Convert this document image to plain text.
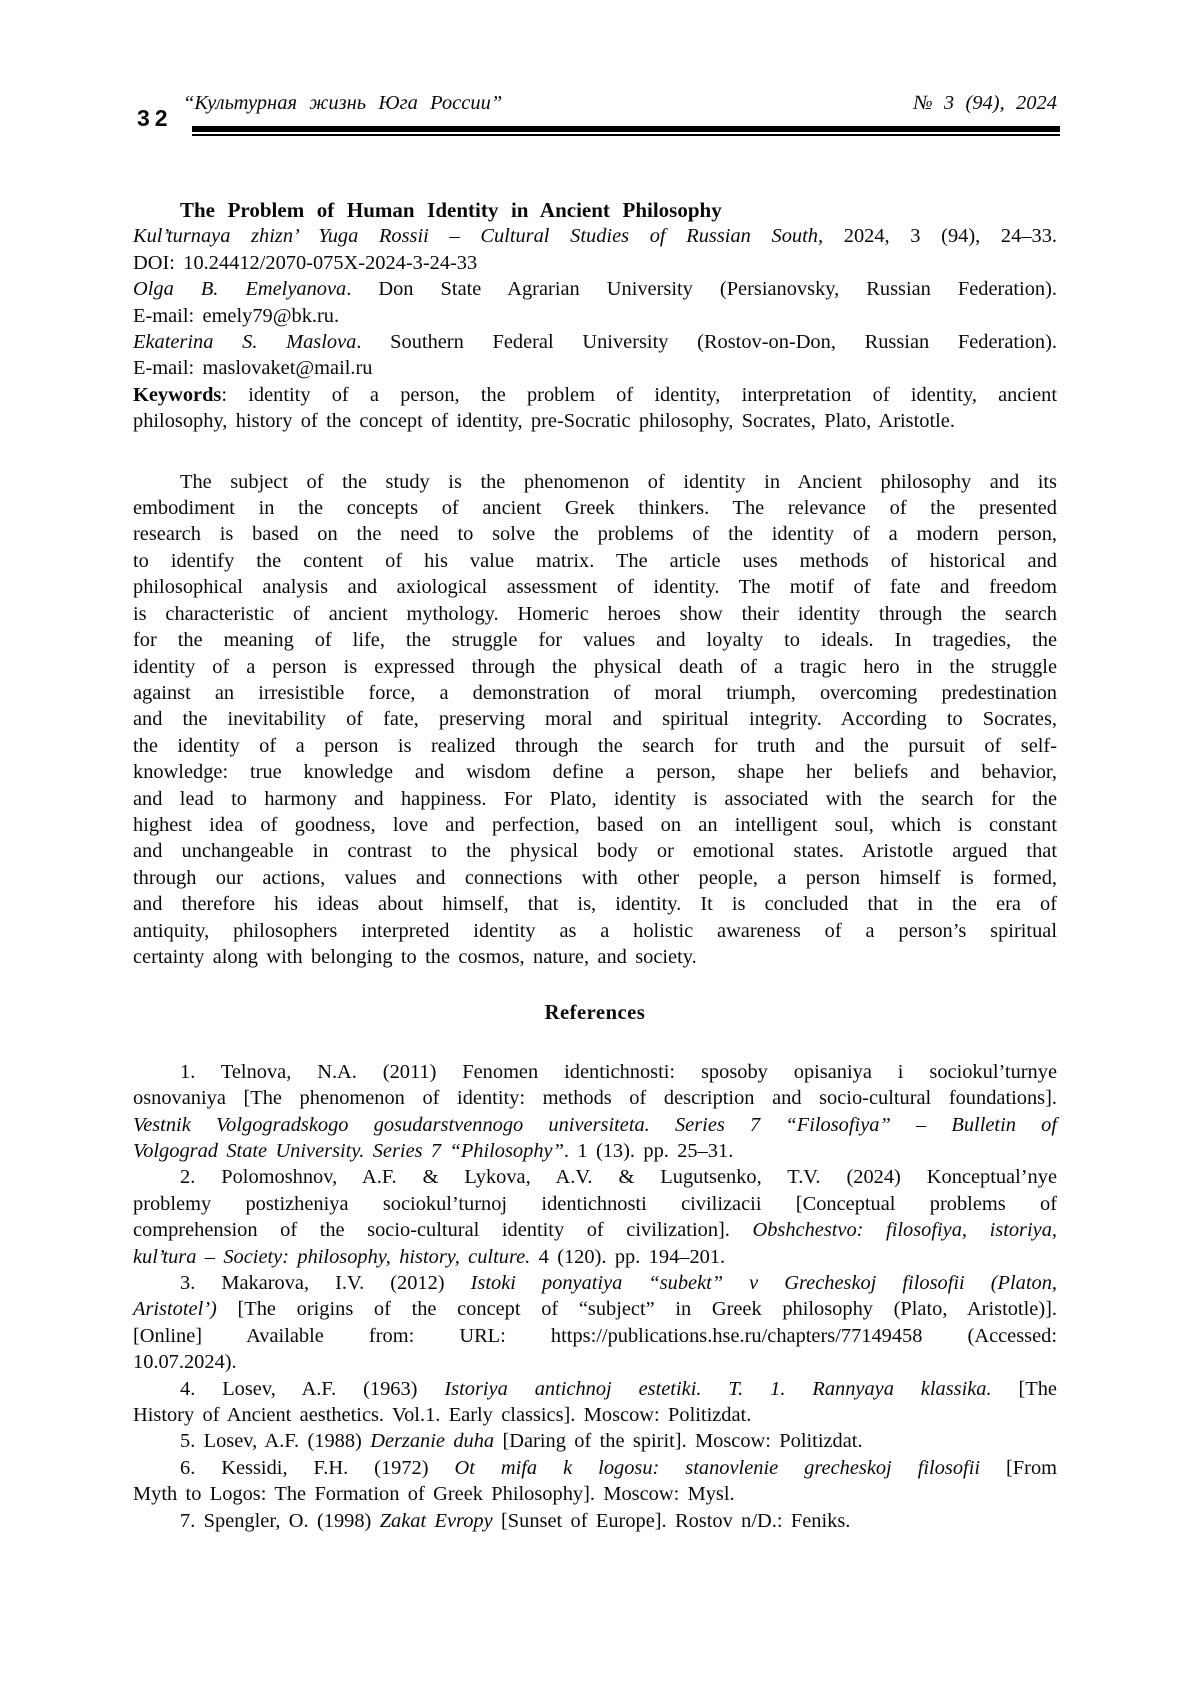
32
“Культурная жизнь Юга России”	№ 3 (94), 2024
The Problem of Human Identity in Ancient Philosophy
Kul’turnaya zhizn’ Yuga Rossii – Cultural Studies of Russian South, 2024, 3 (94), 24–33.
DOI: 10.24412/2070-075X-2024-3-24-33
Olga B. Emelyanova. Don State Agrarian University (Persianovsky, Russian Federation).
E-mail: emely79@bk.ru.
Ekaterina S. Maslova. Southern Federal University (Rostov-on-Don, Russian Federation).
E-mail: maslovaket@mail.ru
Keywords: identity of a person, the problem of identity, interpretation of identity, ancient
philosophy, history of the concept of identity, pre-Socratic philosophy, Socrates, Plato, Aristotle.
The subject of the study is the phenomenon of identity in Ancient philosophy and its
embodiment in the concepts of ancient Greek thinkers. The relevance of the presented
research is based on the need to solve the problems of the identity of a modern person,
to identify the content of his value matrix. The article uses methods of historical and
philosophical analysis and axiological assessment of identity. The motif of fate and freedom
is characteristic of ancient mythology. Homeric heroes show their identity through the search
for the meaning of life, the struggle for values and loyalty to ideals. In tragedies, the
identity of a person is expressed through the physical death of a tragic hero in the struggle
against an irresistible force, a demonstration of moral triumph, overcoming predestination
and the inevitability of fate, preserving moral and spiritual integrity. According to Socrates,
the identity of a person is realized through the search for truth and the pursuit of self-
knowledge: true knowledge and wisdom define a person, shape her beliefs and behavior,
and lead to harmony and happiness. For Plato, identity is associated with the search for the
highest idea of goodness, love and perfection, based on an intelligent soul, which is constant
and unchangeable in contrast to the physical body or emotional states. Aristotle argued that
through our actions, values and connections with other people, a person himself is formed,
and therefore his ideas about himself, that is, identity. It is concluded that in the era of
antiquity, philosophers interpreted identity as a holistic awareness of a person’s spiritual
certainty along with belonging to the cosmos, nature, and society.
References
1. Telnova, N.A. (2011) Fenomen identichnosti: sposoby opisaniya i sociokul’turnye
osnovaniya [The phenomenon of identity: methods of description and socio-cultural foundations].
Vestnik Volgogradskogo gosudarstvennogo universiteta. Series 7 “Filosofiya” – Bulletin of
Volgograd State University. Series 7 “Philosophy”. 1 (13). pp. 25–31.
2. Polomoshnov, A.F. & Lykova, A.V. & Lugutsenko, T.V. (2024) Konceptual’nye
problemy postizheniya sociokul’turnoj identichnosti civilizacii [Conceptual problems of
comprehension of the socio-cultural identity of civilization]. Obshchestvo: filosofiya, istoriya,
kul’tura – Society: philosophy, history, culture. 4 (120). pp. 194–201.
3. Makarova, I.V. (2012) Istoki ponyatiya “subekt” v Grecheskoj filosofii (Platon,
Aristotel’) [The origins of the concept of “subject” in Greek philosophy (Plato, Aristotle)].
[Online] Available from: URL: https://publications.hse.ru/chapters/77149458 (Accessed:
10.07.2024).
4. Losev, A.F. (1963) Istoriya antichnoj estetiki. T. 1. Rannyaya klassika. [The
History of Ancient aesthetics. Vol.1. Early classics]. Moscow: Politizdat.
5. Losev, A.F. (1988) Derzanie duha [Daring of the spirit]. Moscow: Politizdat.
6. Kessidi, F.H. (1972) Ot mifa k logosu: stanovlenie grecheskoj filosofii [From
Myth to Logos: The Formation of Greek Philosophy]. Moscow: Mysl.
7. Spengler, O. (1998) Zakat Evropy [Sunset of Europe]. Rostov n/D.: Feniks.
